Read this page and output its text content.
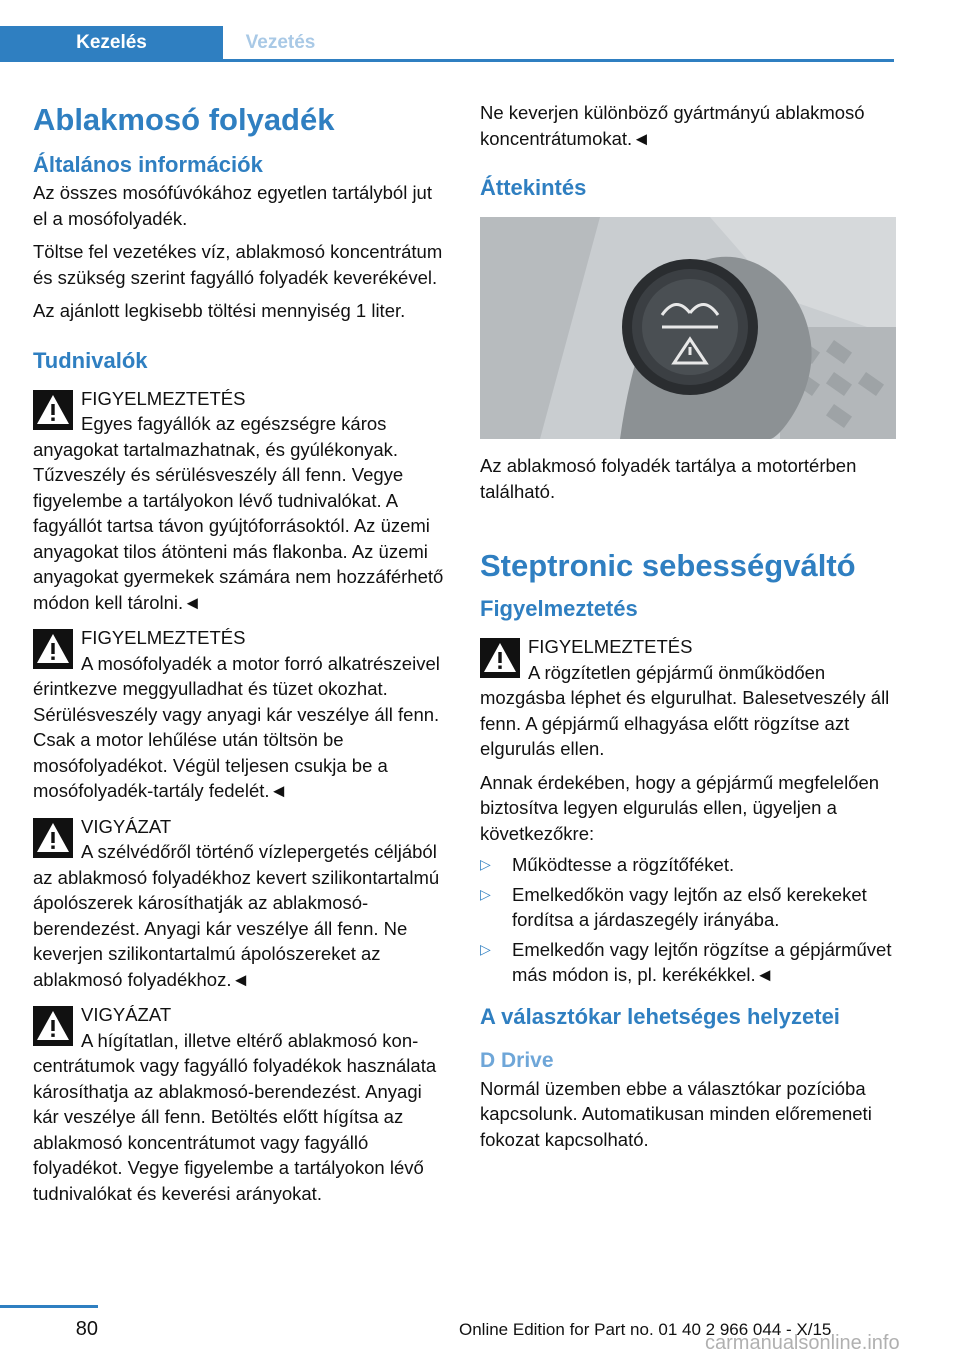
Kezelés	Vezetés
Ablakmosó folyadék
Általános információk

Az összes mosófúvókához egyetlen tartályból jut el a mosófolyadék.

Töltse fel vezetékes víz, ablakmosó koncentrátum és szükség szerint fagyálló folyadék keverékével.

Az ajánlott legkisebb töltési mennyiség 1 liter.

Tudnivalók
FIGYELMEZTETÉS
Egyes fagyállók az egészségre káros anyagokat tartalmazhatnak, és gyúlékonyak. Tűzveszély és sérülésveszély áll fenn. Vegye figyelembe a tartályokon lévő tudnivalókat. A fagyállót tartsa távon gyújtóforrásoktól. Az üzemi anyagokat tilos átönteni más flakonba. Az üzemi anyagokat gyermekek számára nem hozzáférhető módon kell tárolni.◄
FIGYELMEZTETÉS
A mosófolyadék a motor forró alkatrészeivel érintkezve meggyulladhat és tüzet okozhat. Sérülésveszély vagy anyagi kár veszélye áll fenn. Csak a motor lehűlése után töltsön be mosófolyadékot. Végül teljesen csukja be a mosófolyadék-tartály fedelét.◄
VIGYÁZAT
A szélvédőről történő vízlepergetés céljából az ablakmosó folyadékhoz kevert szilikontartalmú ápolószerek károsíthatják az ablakmosó-berendezést. Anyagi kár veszélye áll fenn. Ne keverjen szilikontartalmú ápolószereket az ablakmosó folyadékhoz.◄
VIGYÁZAT
A hígítatlan, illetve eltérő ablakmosó koncentrátumok vagy fagyálló folyadékok használata károsíthatja az ablakmosó-berendezést. Anyagi kár veszélye áll fenn. Betöltés előtt hígítsa az ablakmosó koncentrátumot vagy fagyálló folyadékot. Vegye figyelembe a tartályokon lévő tudnivalókat és keverési arányokat.

Ne keverjen különböző gyártmányú ablakmosó koncentrátumokat.◄

Áttekintés

Az ablakmosó folyadék tartálya a motortérben található.

Steptronic sebességváltó
Figyelmeztetés
FIGYELMEZTETÉS
A rögzítetlen gépjármű önműködően mozgásba léphet és elgurulhat. Balesetveszély áll fenn. A gépjármű elhagyása előtt rögzítse azt elgurulás ellen.

Annak érdekében, hogy a gépjármű megfelelően biztosítva legyen elgurulás ellen, ügyeljen a következőkre:

▷ Működtesse a rögzítőféket.
▷ Emelkedőkön vagy lejtőn az első kerekeket fordítsa a járdaszegély irányába.
▷ Emelkedőn vagy lejtőn rögzítse a gépjárművet más módon is, pl. kerékékkel.◄
A választókar lehetséges helyzetei
D Drive

Normál üzemben ebbe a választókar pozícióba kapcsolunk. Automatikusan minden előremeneti fokozat kapcsolható.

80	Online Edition for Part no. 01 40 2 966 044 - X/15
carmanualsonline.info
